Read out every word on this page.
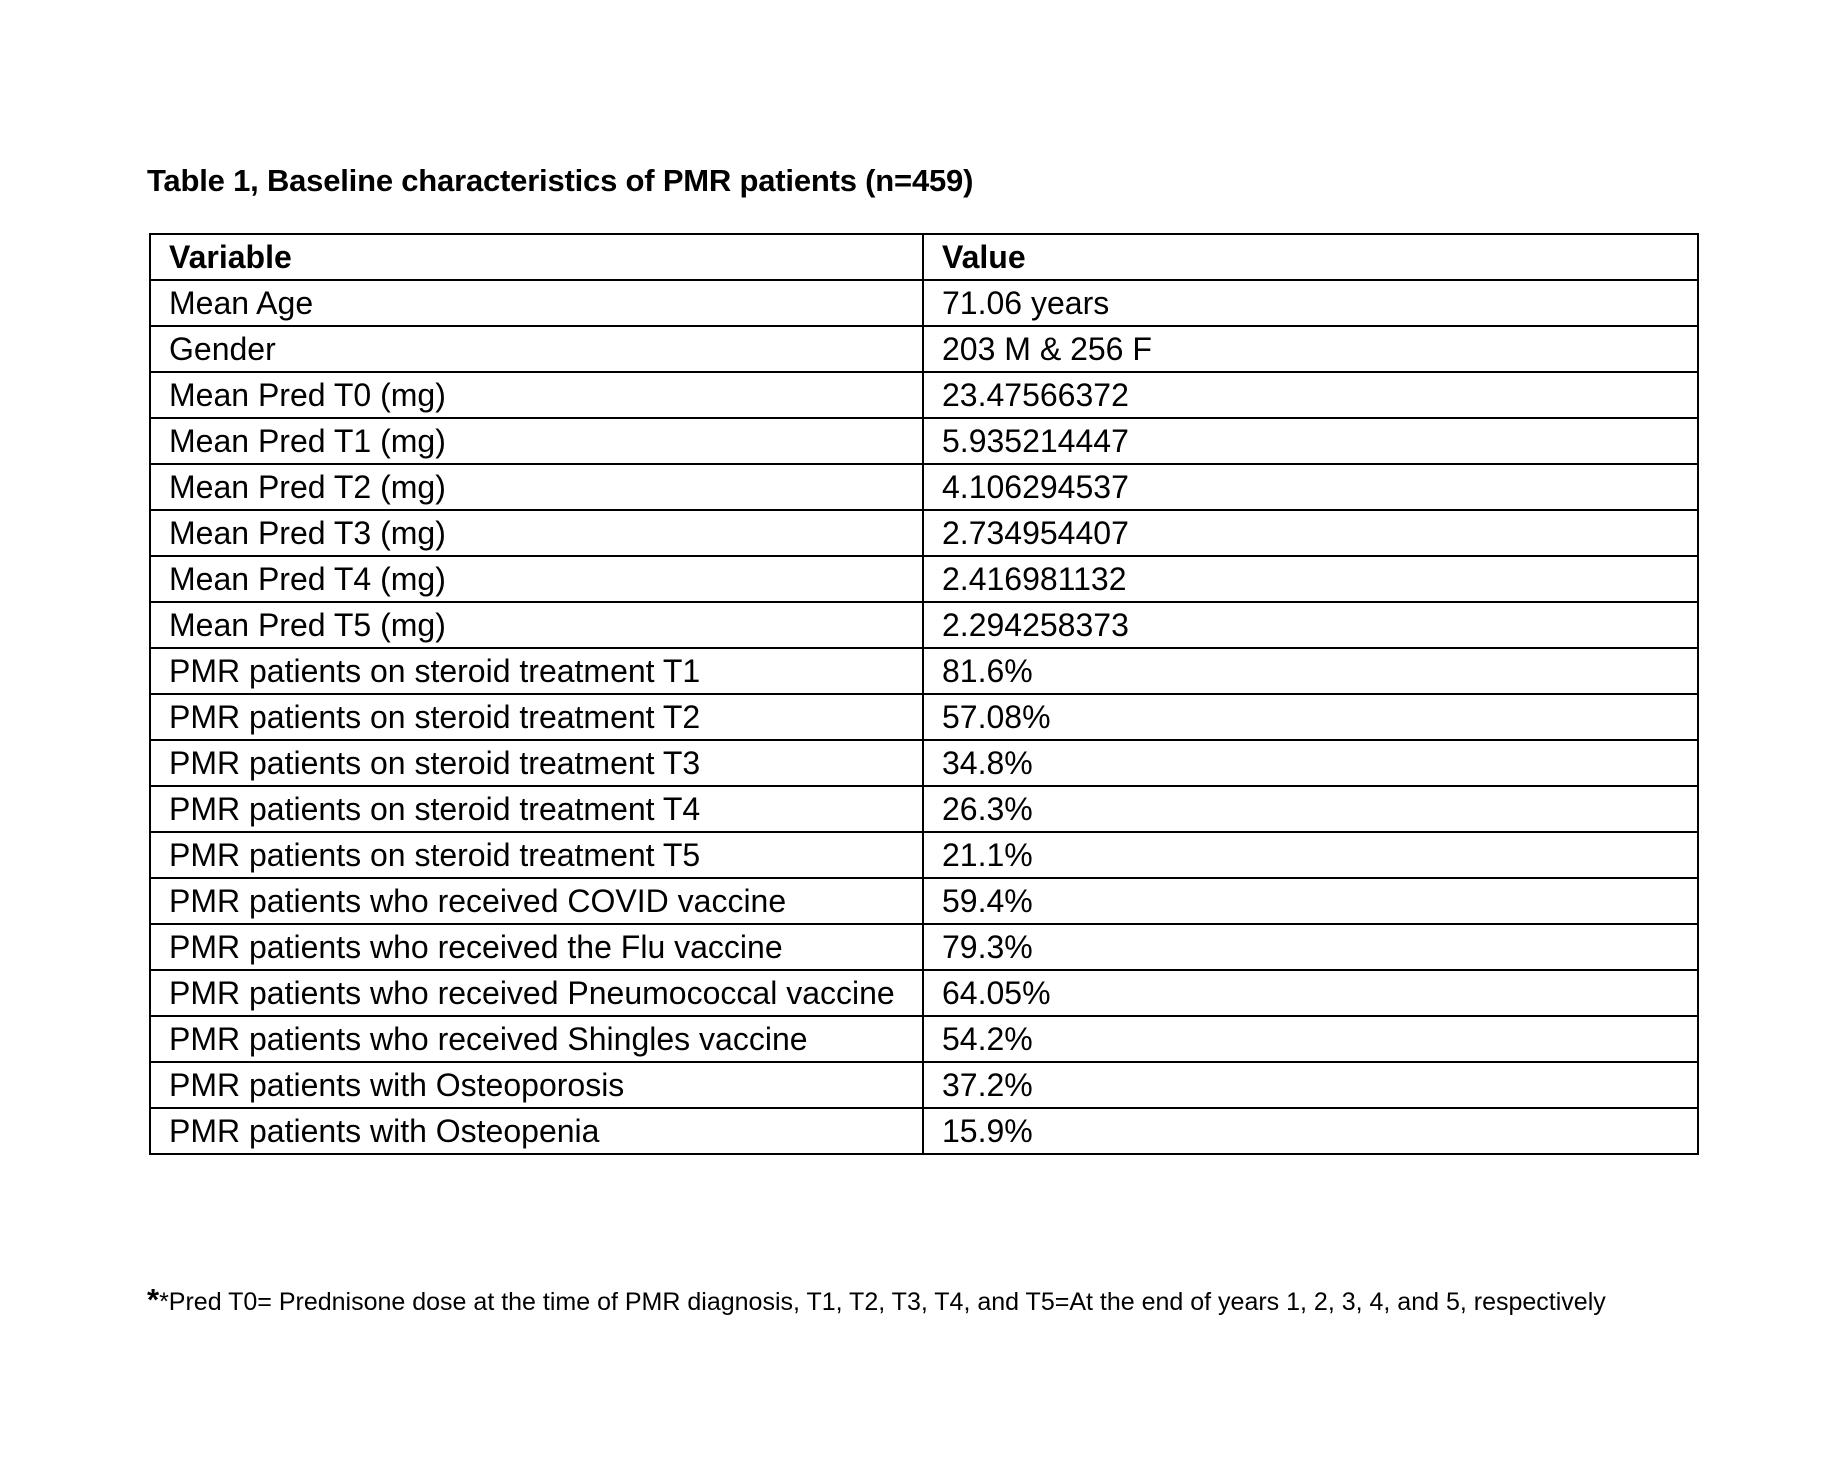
Table 1, Baseline characteristics of PMR patients (n=459)
Variable	Value
Mean Age	71.06 years
Gender	203 M & 256 F
Mean Pred T0 (mg)	23.47566372
Mean Pred T1 (mg)	5.935214447
Mean Pred T2 (mg)	4.106294537
Mean Pred T3 (mg)	2.734954407
Mean Pred T4 (mg)	2.416981132
Mean Pred T5 (mg)	2.294258373
PMR patients on steroid treatment T1	81.6%
PMR patients on steroid treatment T2	57.08%
PMR patients on steroid treatment T3	34.8%
PMR patients on steroid treatment T4	26.3%
PMR patients on steroid treatment T5	21.1%
PMR patients who received COVID vaccine	59.4%
PMR patients who received the Flu vaccine	79.3%
PMR patients who received Pneumococcal vaccine	64.05%
PMR patients who received Shingles vaccine	54.2%
PMR patients with Osteoporosis	37.2%
PMR patients with Osteopenia	15.9%
**Pred T0= Prednisone dose at the time of PMR diagnosis, T1, T2, T3, T4, and T5=At the end of years 1, 2, 3, 4, and 5, respectively
